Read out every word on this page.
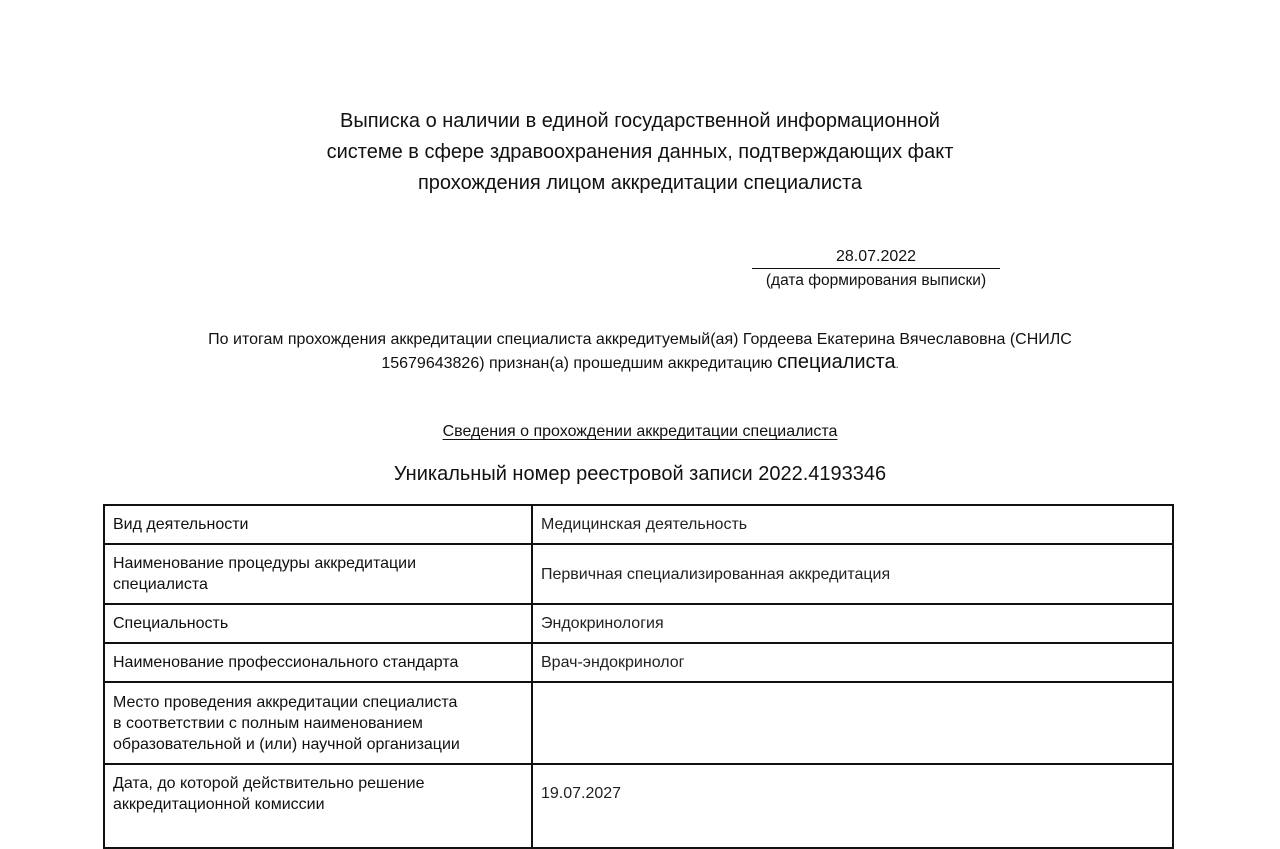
Выписка о наличии в единой государственной информационной
системе в сфере здравоохранения данных, подтверждающих факт
прохождения лицом аккредитации специалиста
28.07.2022
(дата формирования выписки)
По итогам прохождения аккредитации специалиста аккредитуемый(ая) Гордеева Екатерина Вячеславовна (СНИЛС
15679643826) признан(а) прошедшим аккредитацию специалиста.
Сведения о прохождении аккредитации специалиста
Уникальный номер реестровой записи 2022.4193346
Вид деятельности	Медицинская деятельность

Наименование процедуры аккредитации
специалиста	Первичная специализированная аккредитация
Специальность	Эндокринология
Наименование профессионального стандарта	Врач-эндокринолог

Место проведения аккредитации специалиста
в соответствии с полным наименованием
образовательной и (или) научной организации	

Дата, до которой действительно решение
аккредитационной комиссии	19.07.2027
